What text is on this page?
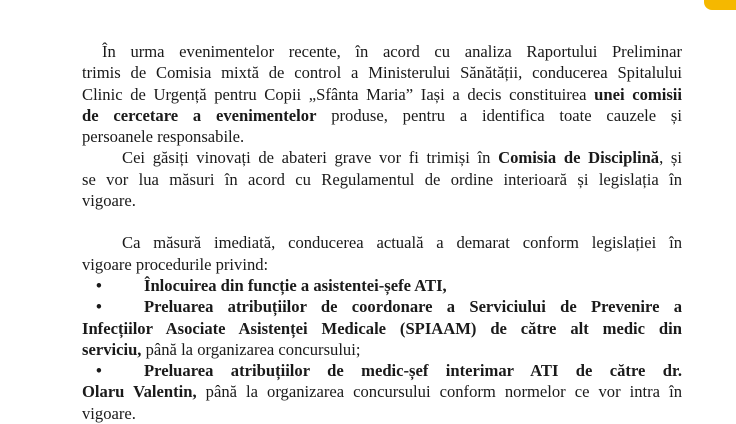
În urma evenimentelor recente, în acord cu analiza Raportului Preliminar
trimis de Comisia mixtă de control a Ministerului Sănătății, conducerea Spitalului
Clinic de Urgență pentru Copii „Sfânta Maria” Iași a decis constituirea unei comisii
de cercetare a evenimentelor produse, pentru a identifica toate cauzele și
persoanele responsabile.

Cei găsiți vinovați de abateri grave vor fi trimiși în Comisia de Disciplină, și
se vor lua măsuri în acord cu Regulamentul de ordine interioară și legislația în
vigoare.

Ca măsură imediată, conducerea actuală a demarat conform legislației în
vigoare procedurile privind:

•	Înlocuirea din funcție a asistentei-șefe ATI,
•	Preluarea atribuțiilor de coordonare a Serviciului de Prevenire a
Infecțiilor Asociate Asistenței Medicale (SPIAAM) de către alt medic din
serviciu, până la organizarea concursului;
•	Preluarea atribuțiilor de medic-șef interimar ATI de către dr.
Olaru Valentin, până la organizarea concursului conform normelor ce vor intra în
vigoare.
